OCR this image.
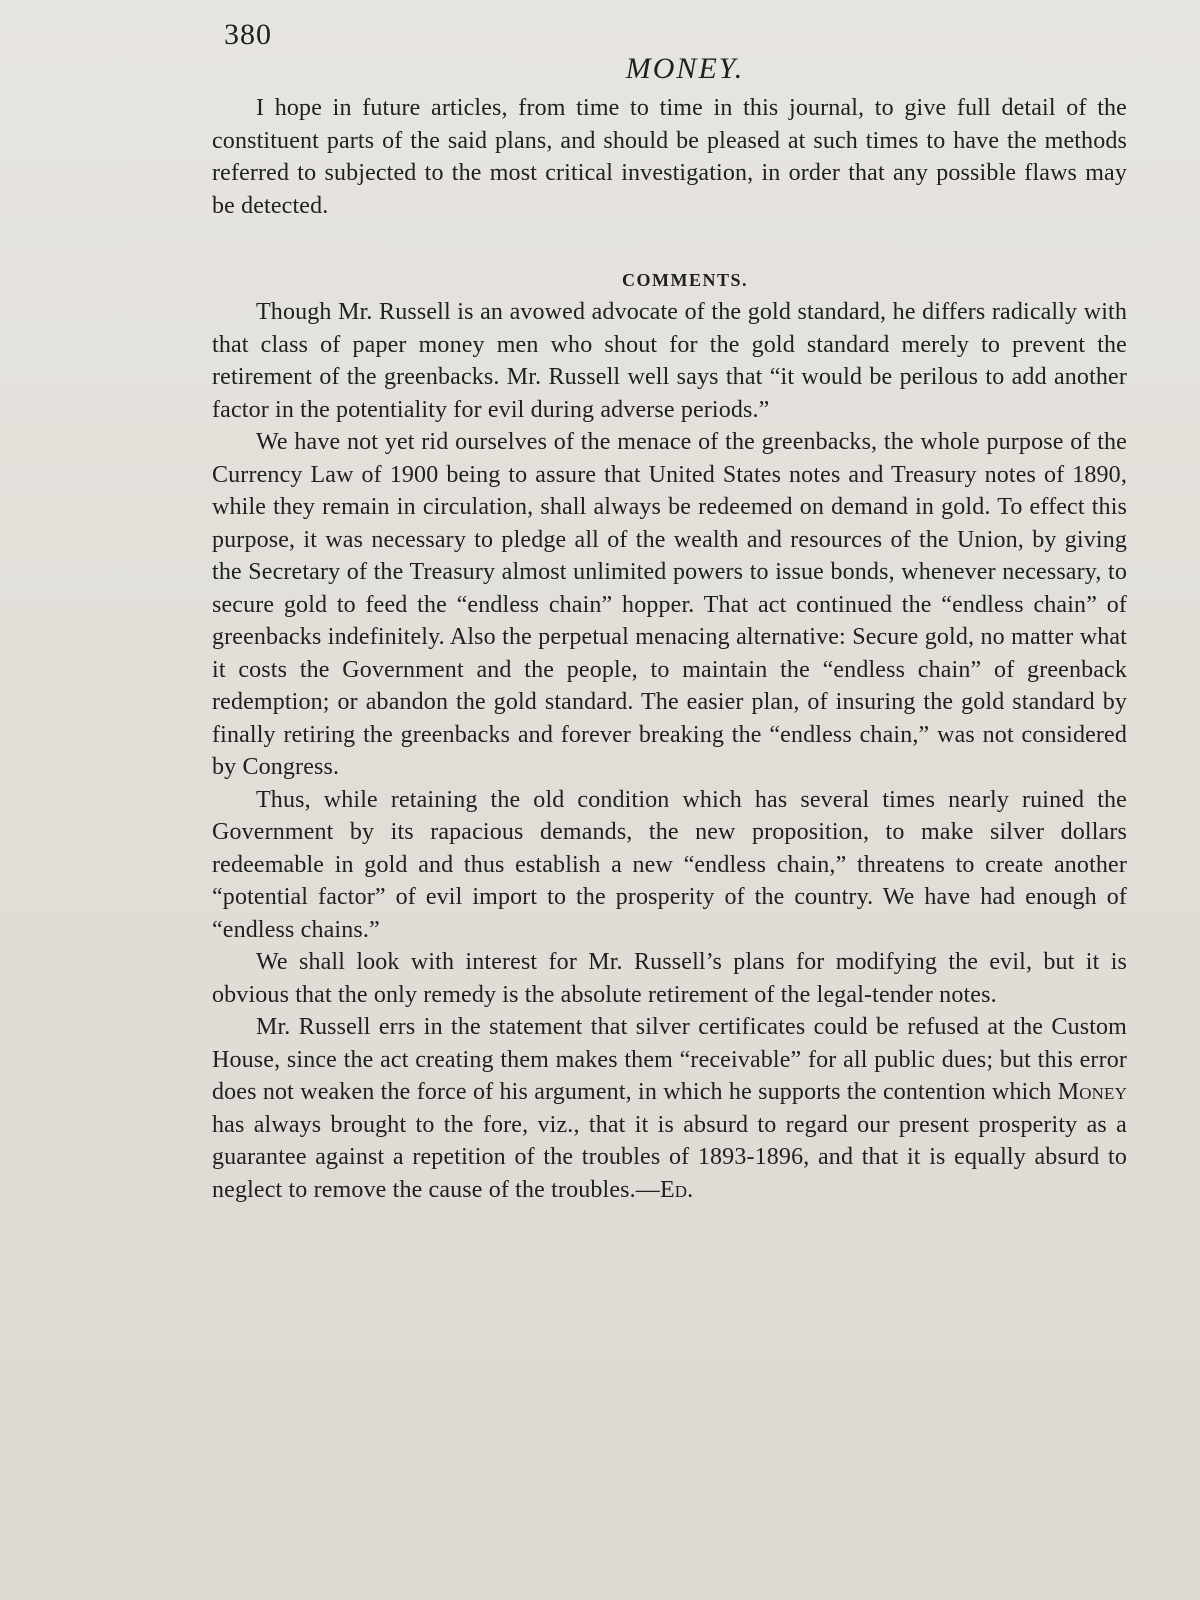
380
MONEY.

I hope in future articles, from time to time in this journal, to give full detail of the constituent parts of the said plans, and should be pleased at such times to have the methods referred to subjected to the most critical investigation, in order that any possible flaws may be detected.

COMMENTS.

Though Mr. Russell is an avowed advocate of the gold standard, he differs radically with that class of paper money men who shout for the gold standard merely to prevent the retirement of the greenbacks. Mr. Russell well says that “it would be perilous to add another factor in the potentiality for evil during adverse periods.”

We have not yet rid ourselves of the menace of the greenbacks, the whole purpose of the Currency Law of 1900 being to assure that United States notes and Treasury notes of 1890, while they remain in circulation, shall always be redeemed on demand in gold. To effect this purpose, it was necessary to pledge all of the wealth and resources of the Union, by giving the Secretary of the Treasury almost unlimited powers to issue bonds, whenever necessary, to secure gold to feed the “endless chain” hopper. That act continued the “endless chain” of greenbacks indefinitely. Also the perpetual menacing alternative: Secure gold, no matter what it costs the Government and the people, to maintain the “endless chain” of greenback redemption; or abandon the gold standard. The easier plan, of insuring the gold standard by finally retiring the greenbacks and forever breaking the “endless chain,” was not considered by Congress.

Thus, while retaining the old condition which has several times nearly ruined the Government by its rapacious demands, the new proposition, to make silver dollars redeemable in gold and thus establish a new “endless chain,” threatens to create another “potential factor” of evil import to the prosperity of the country. We have had enough of “endless chains.”

We shall look with interest for Mr. Russell’s plans for modifying the evil, but it is obvious that the only remedy is the absolute retirement of the legal-tender notes.

Mr. Russell errs in the statement that silver certificates could be refused at the Custom House, since the act creating them makes them “receivable” for all public dues; but this error does not weaken the force of his argument, in which he supports the contention which Money has always brought to the fore, viz., that it is absurd to regard our present prosperity as a guarantee against a repetition of the troubles of 1893-1896, and that it is equally absurd to neglect to remove the cause of the troubles.—Ed.
